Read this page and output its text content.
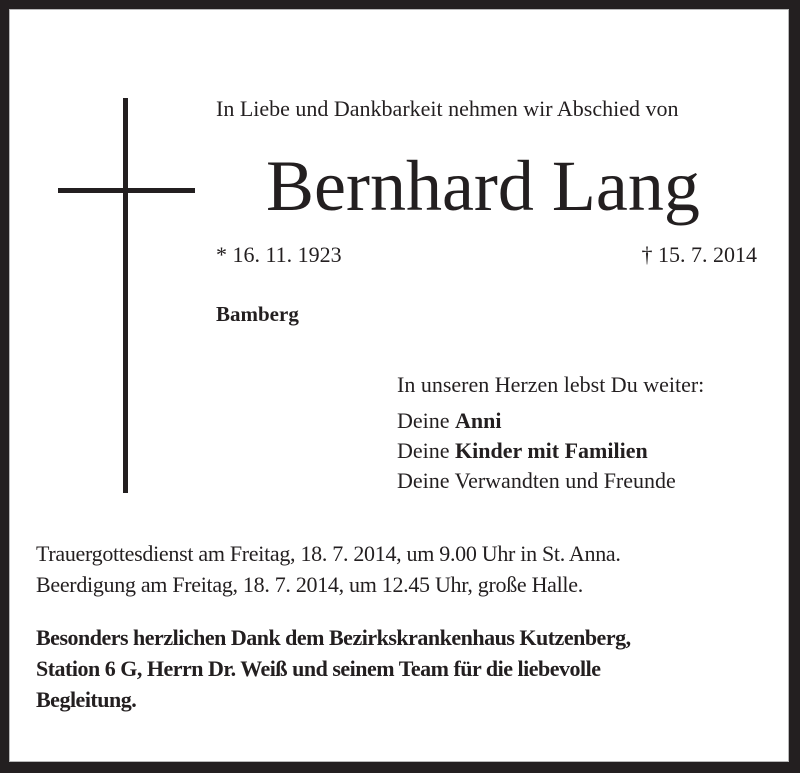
In Liebe und Dankbarkeit nehmen wir Abschied von
Bernhard Lang
* 16. 11. 1923	† 15. 7. 2014
Bamberg
In unseren Herzen lebst Du weiter:
Deine Anni
Deine Kinder mit Familien
Deine Verwandten und Freunde
Trauergottesdienst am Freitag, 18. 7. 2014, um 9.00 Uhr in St. Anna.
Beerdigung am Freitag, 18. 7. 2014, um 12.45 Uhr, große Halle.
Besonders herzlichen Dank dem Bezirkskrankenhaus Kutzenberg,
Station 6 G, Herrn Dr. Weiß und seinem Team für die liebevolle
Begleitung.
